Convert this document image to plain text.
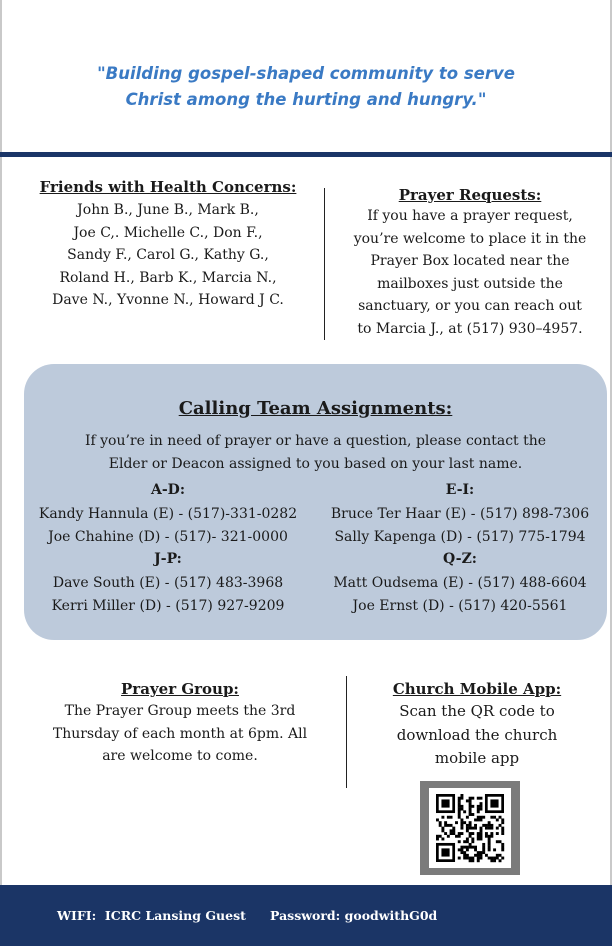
"Building gospel-shaped community to serve
Christ among the hurting and hungry."
Friends with Health Concerns:
John B., June B., Mark B.,
Joe C,. Michelle C., Don F.,
Sandy F., Carol G., Kathy G.,
Roland H., Barb K., Marcia N.,
Dave N., Yvonne N., Howard J C.
Prayer Requests:
If you have a prayer request,
you’re welcome to place it in the
Prayer Box located near the
mailboxes just outside the
sanctuary, or you can reach out
to Marcia J., at (517) 930–4957.
Calling Team Assignments:
If you’re in need of prayer or have a question, please contact the
Elder or Deacon assigned to you based on your last name.
A-D:
Kandy Hannula (E) - (517)-331-0282
Joe Chahine (D) - (517)- 321-0000
E-I:
Bruce Ter Haar (E) - (517) 898-7306
Sally Kapenga (D) - (517) 775-1794
J-P:
Dave South (E) - (517) 483-3968
Kerri Miller (D) - (517) 927-9209
Q-Z:
Matt Oudsema (E) - (517) 488-6604
Joe Ernst (D) - (517) 420-5561
Prayer Group:
The Prayer Group meets the 3rd
Thursday of each month at 6pm. All
are welcome to come.
Church Mobile App:
Scan the QR code to
download the church
mobile app
WIFI:  ICRC Lansing Guest Password: goodwithG0d
